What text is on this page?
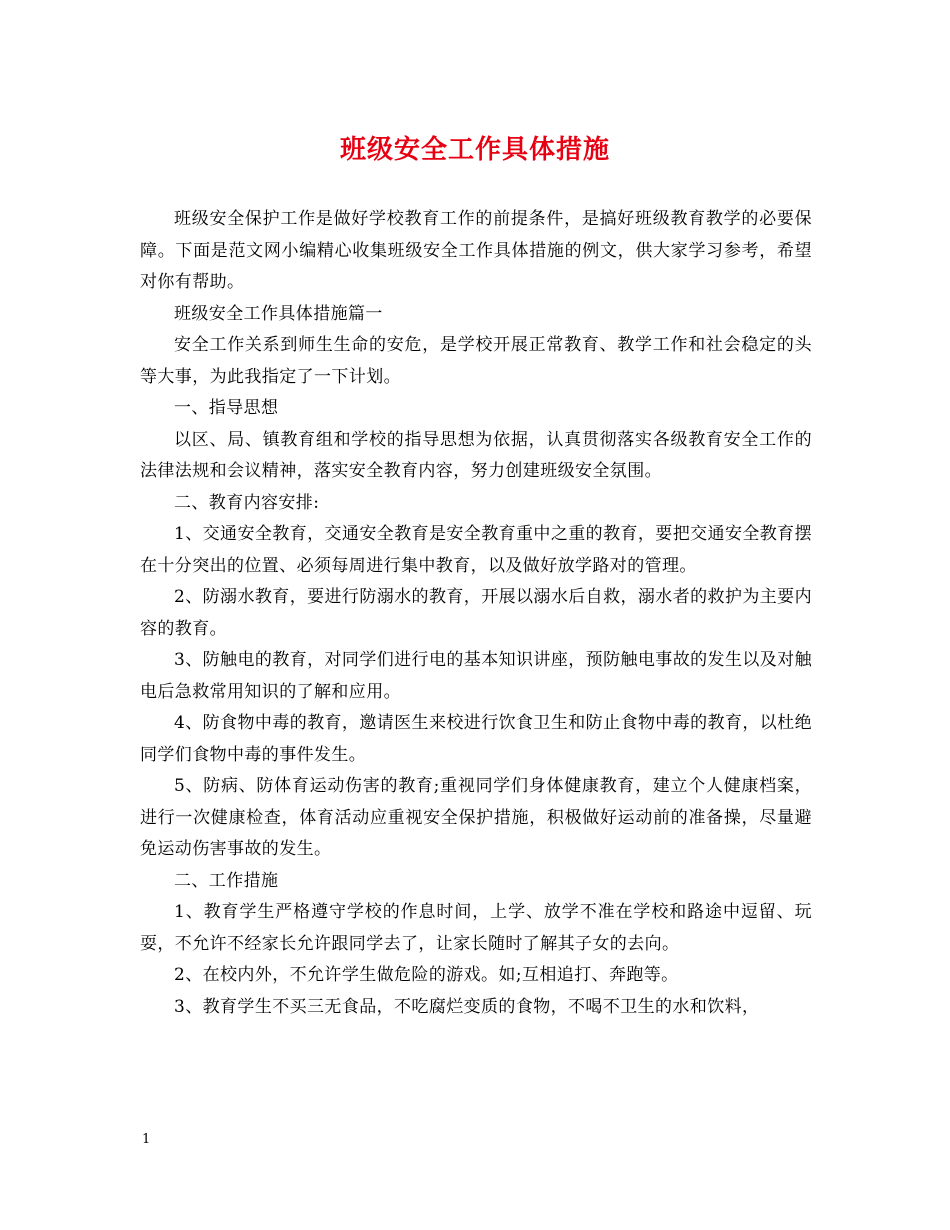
班级安全工作具体措施

班级安全保护工作是做好学校教育工作的前提条件，是搞好班级教育教学的必要保障。下面是范文网小编精心收集班级安全工作具体措施的例文，供大家学习参考，希望对你有帮助。

班级安全工作具体措施篇一

安全工作关系到师生生命的安危，是学校开展正常教育、教学工作和社会稳定的头等大事，为此我指定了一下计划。

一、指导思想

以区、局、镇教育组和学校的指导思想为依据，认真贯彻落实各级教育安全工作的法律法规和会议精神，落实安全教育内容，努力创建班级安全氛围。

二、教育内容安排:

1、交通安全教育，交通安全教育是安全教育重中之重的教育，要把交通安全教育摆在十分突出的位置、必须每周进行集中教育，以及做好放学路对的管理。

2、防溺水教育，要进行防溺水的教育，开展以溺水后自救，溺水者的救护为主要内容的教育。

3、防触电的教育，对同学们进行电的基本知识讲座，预防触电事故的发生以及对触电后急救常用知识的了解和应用。

4、防食物中毒的教育，邀请医生来校进行饮食卫生和防止食物中毒的教育，以杜绝同学们食物中毒的事件发生。

5、防病、防体育运动伤害的教育;重视同学们身体健康教育，建立个人健康档案，进行一次健康检查，体育活动应重视安全保护措施，积极做好运动前的准备操，尽量避免运动伤害事故的发生。

二、工作措施

1、教育学生严格遵守学校的作息时间，上学、放学不准在学校和路途中逗留、玩耍，不允许不经家长允许跟同学去了，让家长随时了解其子女的去向。

2、在校内外，不允许学生做危险的游戏。如;互相追打、奔跑等。

3、教育学生不买三无食品，不吃腐烂变质的食物，不喝不卫生的水和饮料，

1
